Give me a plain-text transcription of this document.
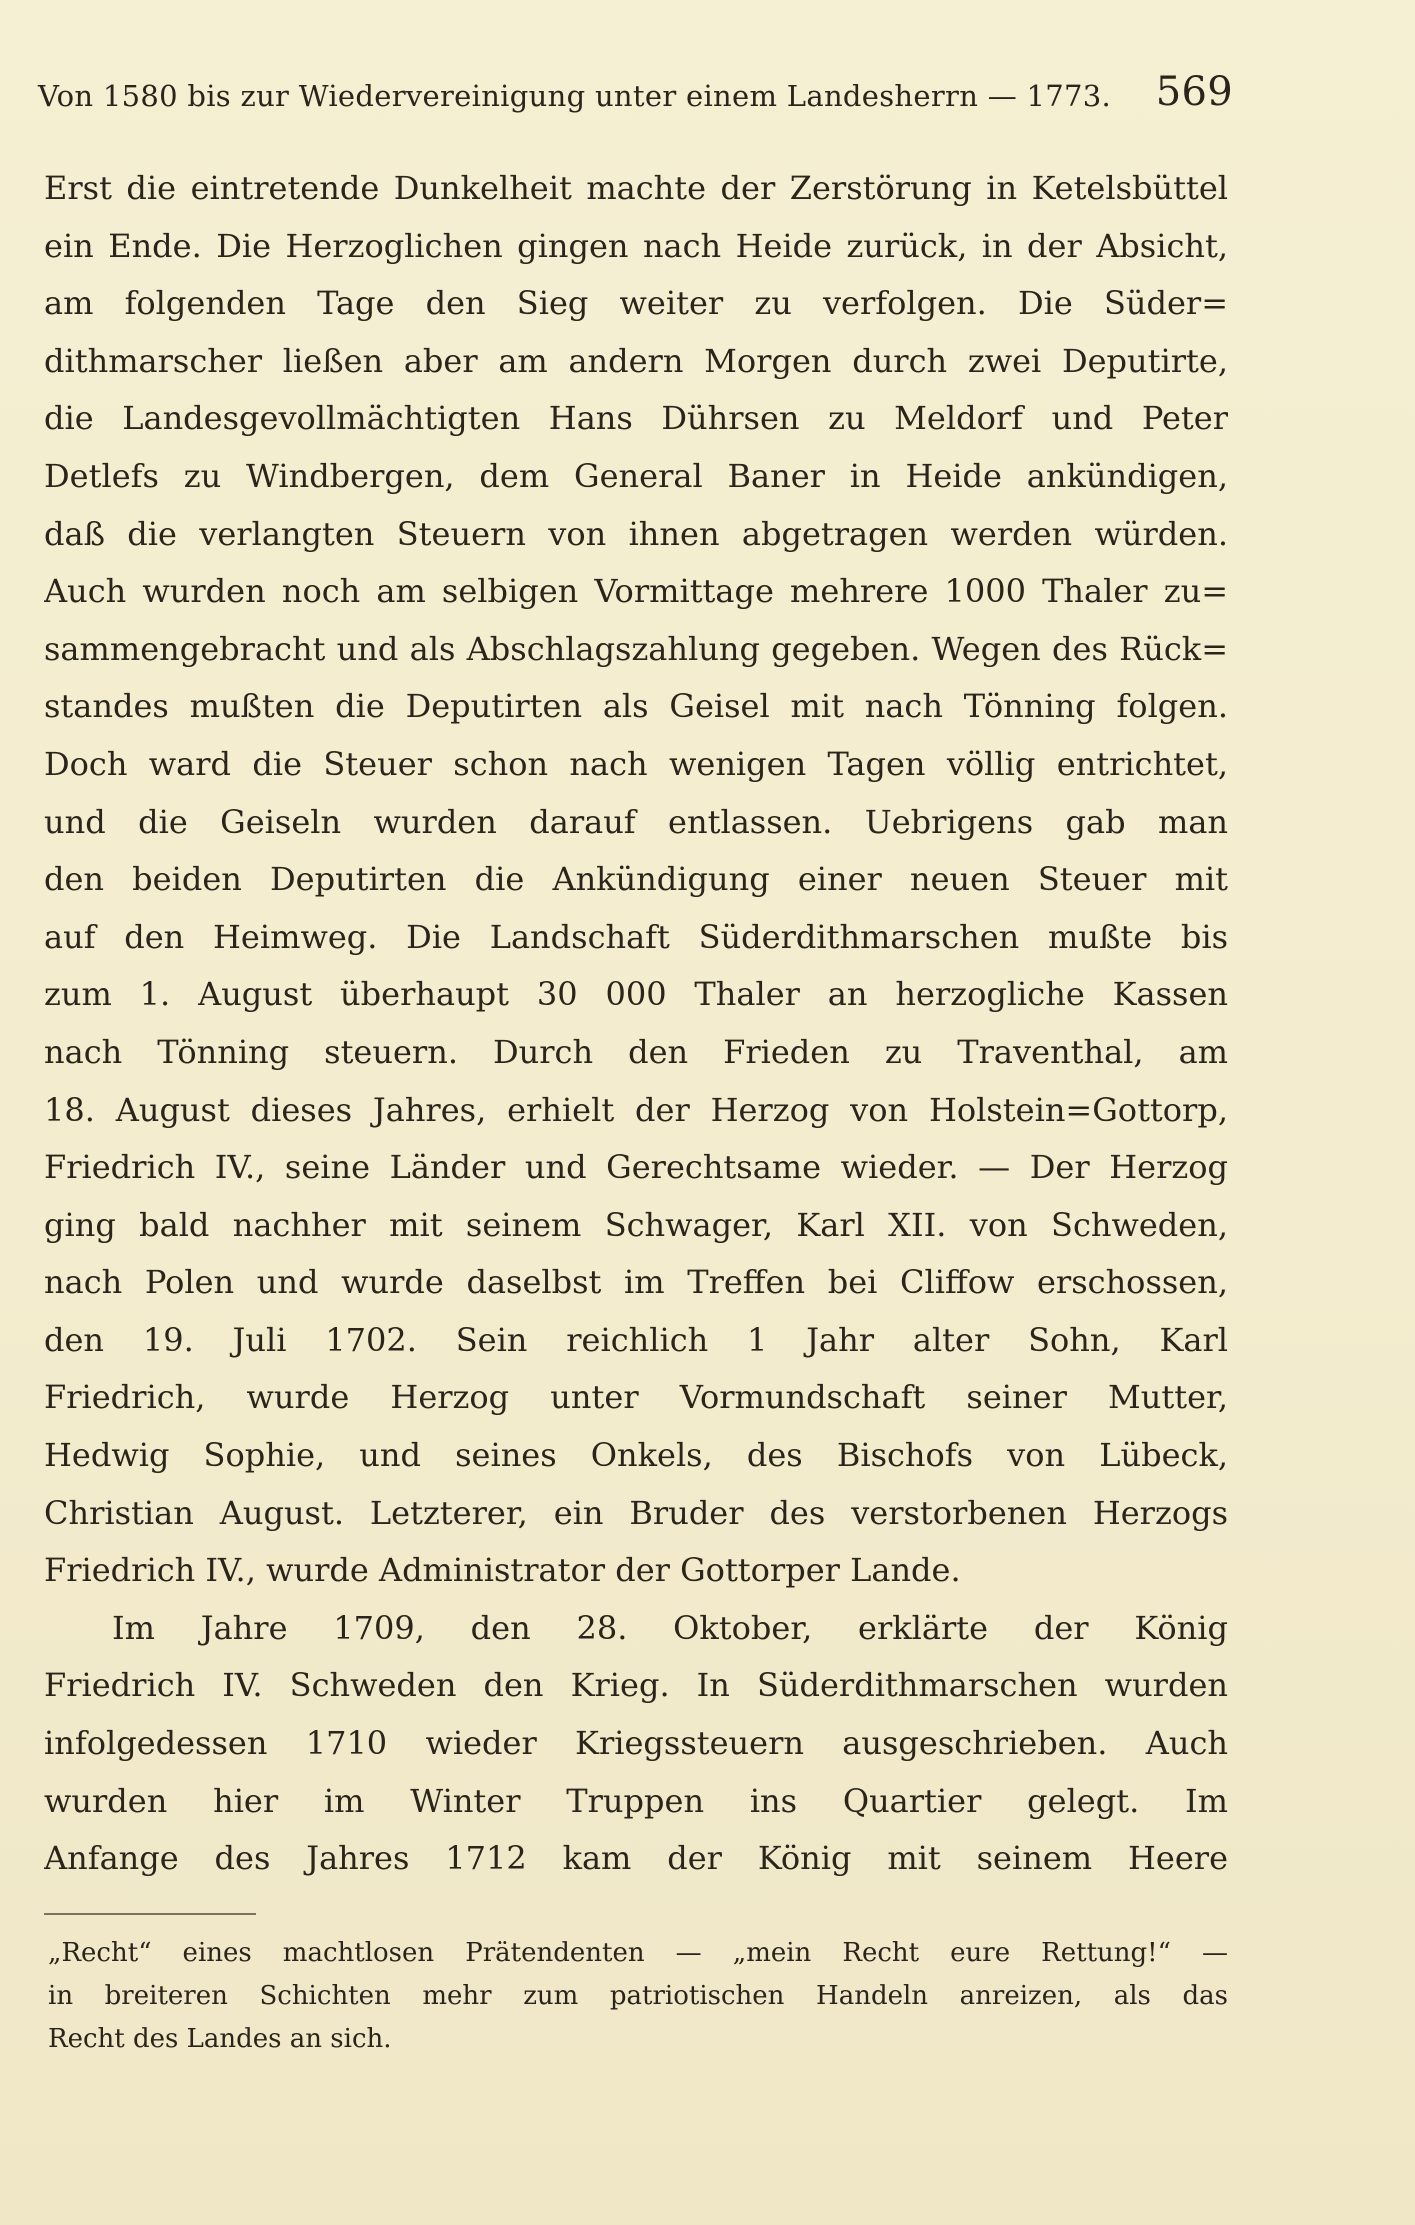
Von 1580 bis zur Wiedervereinigung unter einem Landesherrn — 1773. 569
Erst die eintretende Dunkelheit machte der Zerstörung in Ketelsbüttel
ein Ende. Die Herzoglichen gingen nach Heide zurück, in der Absicht,
am folgenden Tage den Sieg weiter zu verfolgen. Die Süder=
dithmarscher ließen aber am andern Morgen durch zwei Deputirte,
die Landesgevollmächtigten Hans Dührsen zu Meldorf und Peter
Detlefs zu Windbergen, dem General Baner in Heide ankündigen,
daß die verlangten Steuern von ihnen abgetragen werden würden.
Auch wurden noch am selbigen Vormittage mehrere 1000 Thaler zu=
sammengebracht und als Abschlagszahlung gegeben. Wegen des Rück=
standes mußten die Deputirten als Geisel mit nach Tönning folgen.
Doch ward die Steuer schon nach wenigen Tagen völlig entrichtet,
und die Geiseln wurden darauf entlassen. Uebrigens gab man
den beiden Deputirten die Ankündigung einer neuen Steuer mit
auf den Heimweg. Die Landschaft Süderdithmarschen mußte bis
zum 1. August überhaupt 30 000 Thaler an herzogliche Kassen
nach Tönning steuern. Durch den Frieden zu Traventhal, am
18. August dieses Jahres, erhielt der Herzog von Holstein=Gottorp,
Friedrich IV., seine Länder und Gerechtsame wieder. — Der Herzog
ging bald nachher mit seinem Schwager, Karl XII. von Schweden,
nach Polen und wurde daselbst im Treffen bei Cliffow erschossen,
den 19. Juli 1702. Sein reichlich 1 Jahr alter Sohn, Karl
Friedrich, wurde Herzog unter Vormundschaft seiner Mutter,
Hedwig Sophie, und seines Onkels, des Bischofs von Lübeck,
Christian August. Letzterer, ein Bruder des verstorbenen Herzogs
Friedrich IV., wurde Administrator der Gottorper Lande.
Im Jahre 1709, den 28. Oktober, erklärte der König
Friedrich IV. Schweden den Krieg. In Süderdithmarschen wurden
infolgedessen 1710 wieder Kriegssteuern ausgeschrieben. Auch
wurden hier im Winter Truppen ins Quartier gelegt. Im
Anfange des Jahres 1712 kam der König mit seinem Heere
„Recht“ eines machtlosen Prätendenten — „mein Recht eure Rettung!“ —
in breiteren Schichten mehr zum patriotischen Handeln anreizen, als das
Recht des Landes an sich.
